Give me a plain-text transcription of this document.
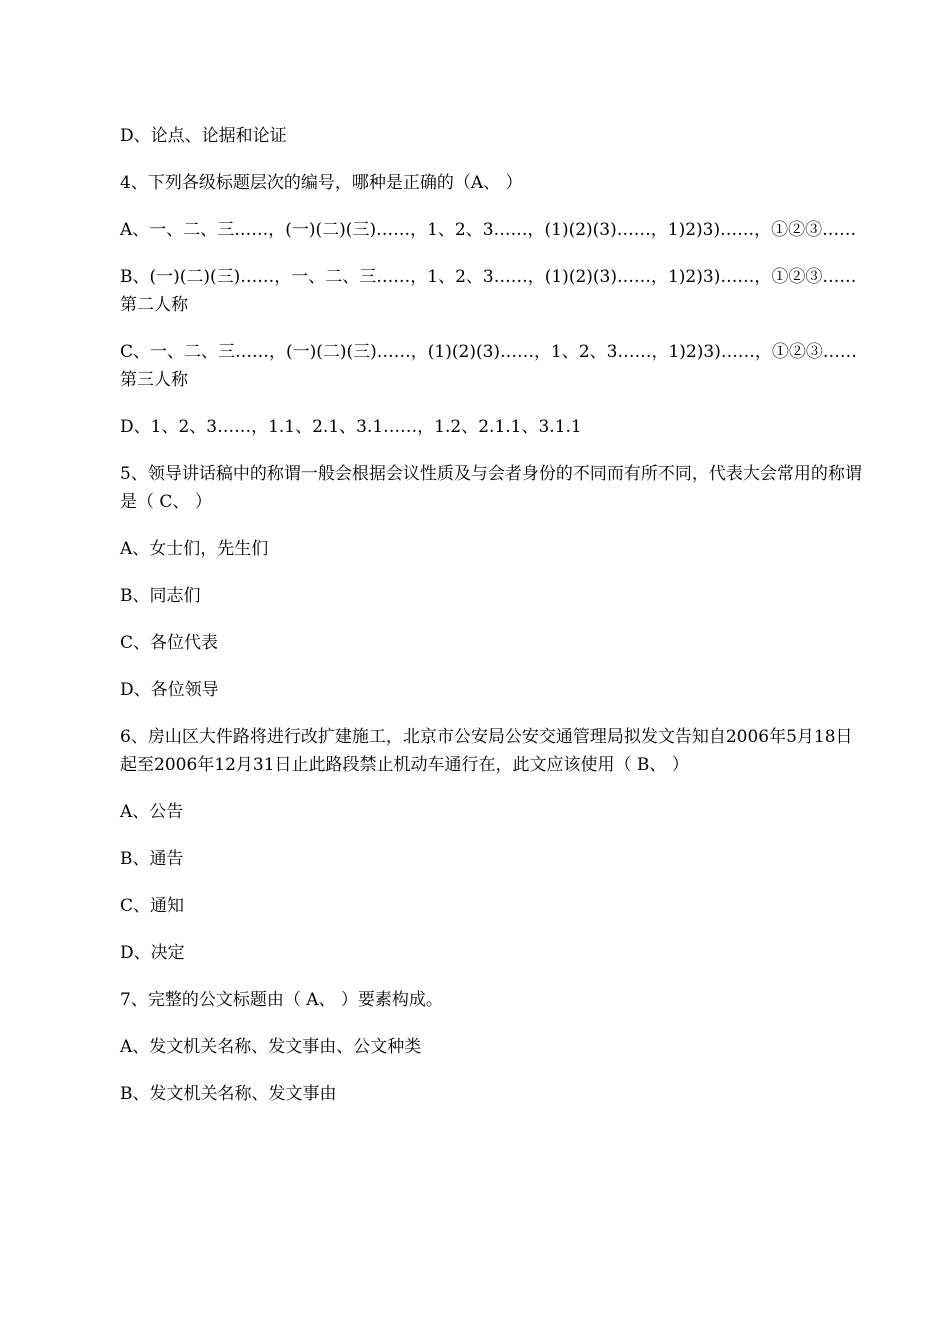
D、论点、论据和论证

4、下列各级标题层次的编号，哪种是正确的（A、 ）

A、一、二、三……，(一)(二)(三)……，1、2、3……，(1)(2)(3)……，1)2)3)……，①②③……

B、(一)(二)(三)……，一、二、三……，1、2、3……，(1)(2)(3)……，1)2)3)……，①②③……第二人称

C、一、二、三……，(一)(二)(三)……，(1)(2)(3)……，1、2、3……，1)2)3)……，①②③……第三人称

D、1、2、3……，1.1、2.1、3.1……，1.2、2.1.1、3.1.1

5、领导讲话稿中的称谓一般会根据会议性质及与会者身份的不同而有所不同，代表大会常用的称谓是（ C、 ）

A、女士们，先生们

B、同志们

C、各位代表

D、各位领导

6、房山区大件路将进行改扩建施工，北京市公安局公安交通管理局拟发文告知自2006年5月18日起至2006年12月31日止此路段禁止机动车通行在，此文应该使用（ B、 ）

A、公告

B、通告

C、通知

D、决定

7、完整的公文标题由（ A、 ）要素构成。

A、发文机关名称、发文事由、公文种类

B、发文机关名称、发文事由
